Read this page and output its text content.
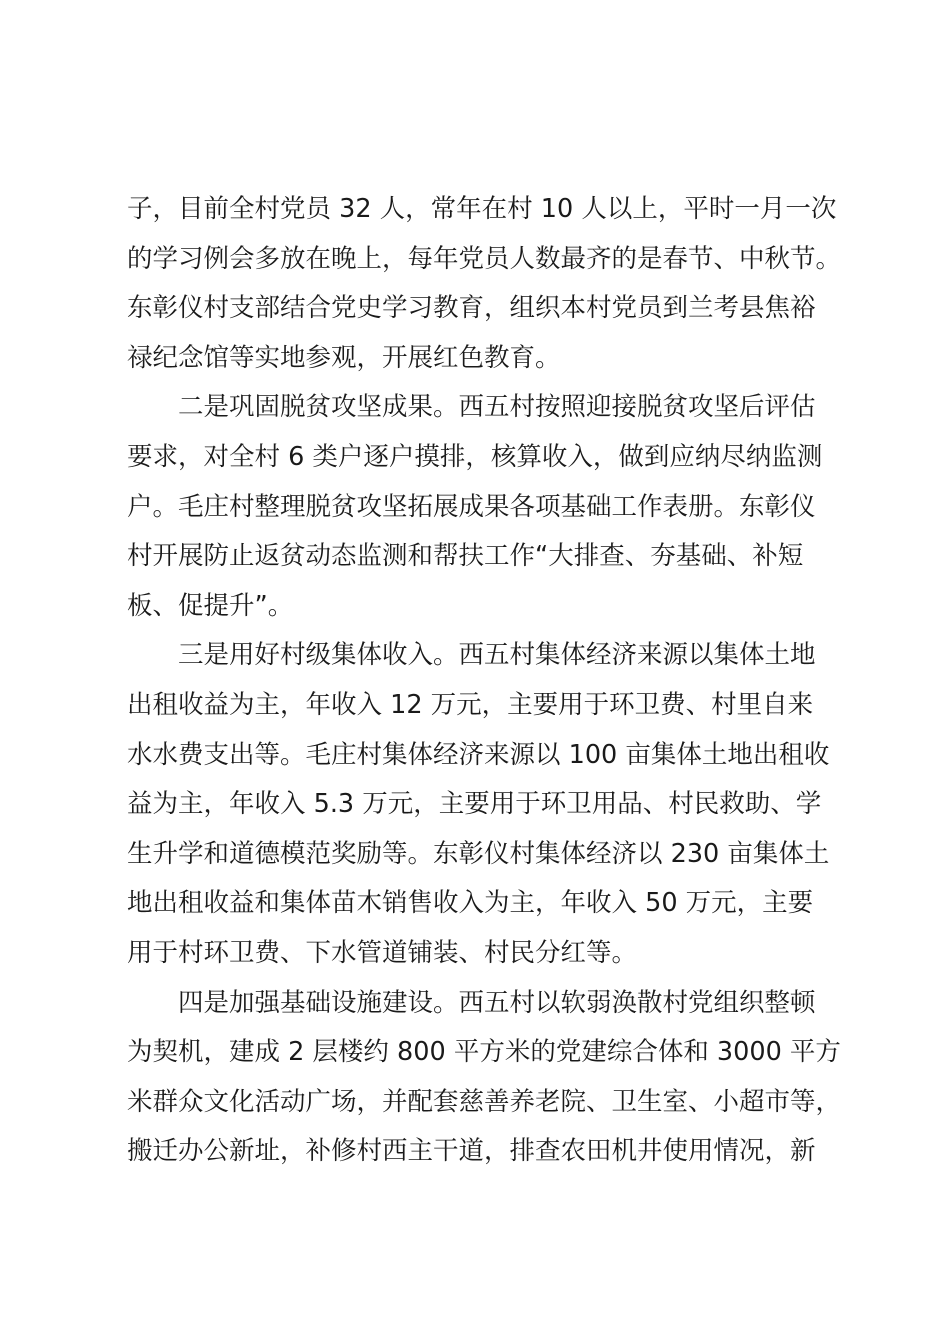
子，目前全村党员 32 人，常年在村 10 人以上，平时一月一次
的学习例会多放在晚上，每年党员人数最齐的是春节、中秋节。
东彰仪村支部结合党史学习教育，组织本村党员到兰考县焦裕
禄纪念馆等实地参观，开展红色教育。
二是巩固脱贫攻坚成果。西五村按照迎接脱贫攻坚后评估
要求，对全村 6 类户逐户摸排，核算收入，做到应纳尽纳监测
户。毛庄村整理脱贫攻坚拓展成果各项基础工作表册。东彰仪
村开展防止返贫动态监测和帮扶工作“大排查、夯基础、补短
板、促提升”。
三是用好村级集体收入。西五村集体经济来源以集体土地
出租收益为主，年收入 12 万元，主要用于环卫费、村里自来
水水费支出等。毛庄村集体经济来源以 100 亩集体土地出租收
益为主，年收入 5.3 万元，主要用于环卫用品、村民救助、学
生升学和道德模范奖励等。东彰仪村集体经济以 230 亩集体土
地出租收益和集体苗木销售收入为主，年收入 50 万元，主要
用于村环卫费、下水管道铺装、村民分红等。
四是加强基础设施建设。西五村以软弱涣散村党组织整顿
为契机，建成 2 层楼约 800 平方米的党建综合体和 3000 平方
米群众文化活动广场，并配套慈善养老院、卫生室、小超市等，
搬迁办公新址，补修村西主干道，排查农田机井使用情况，新
